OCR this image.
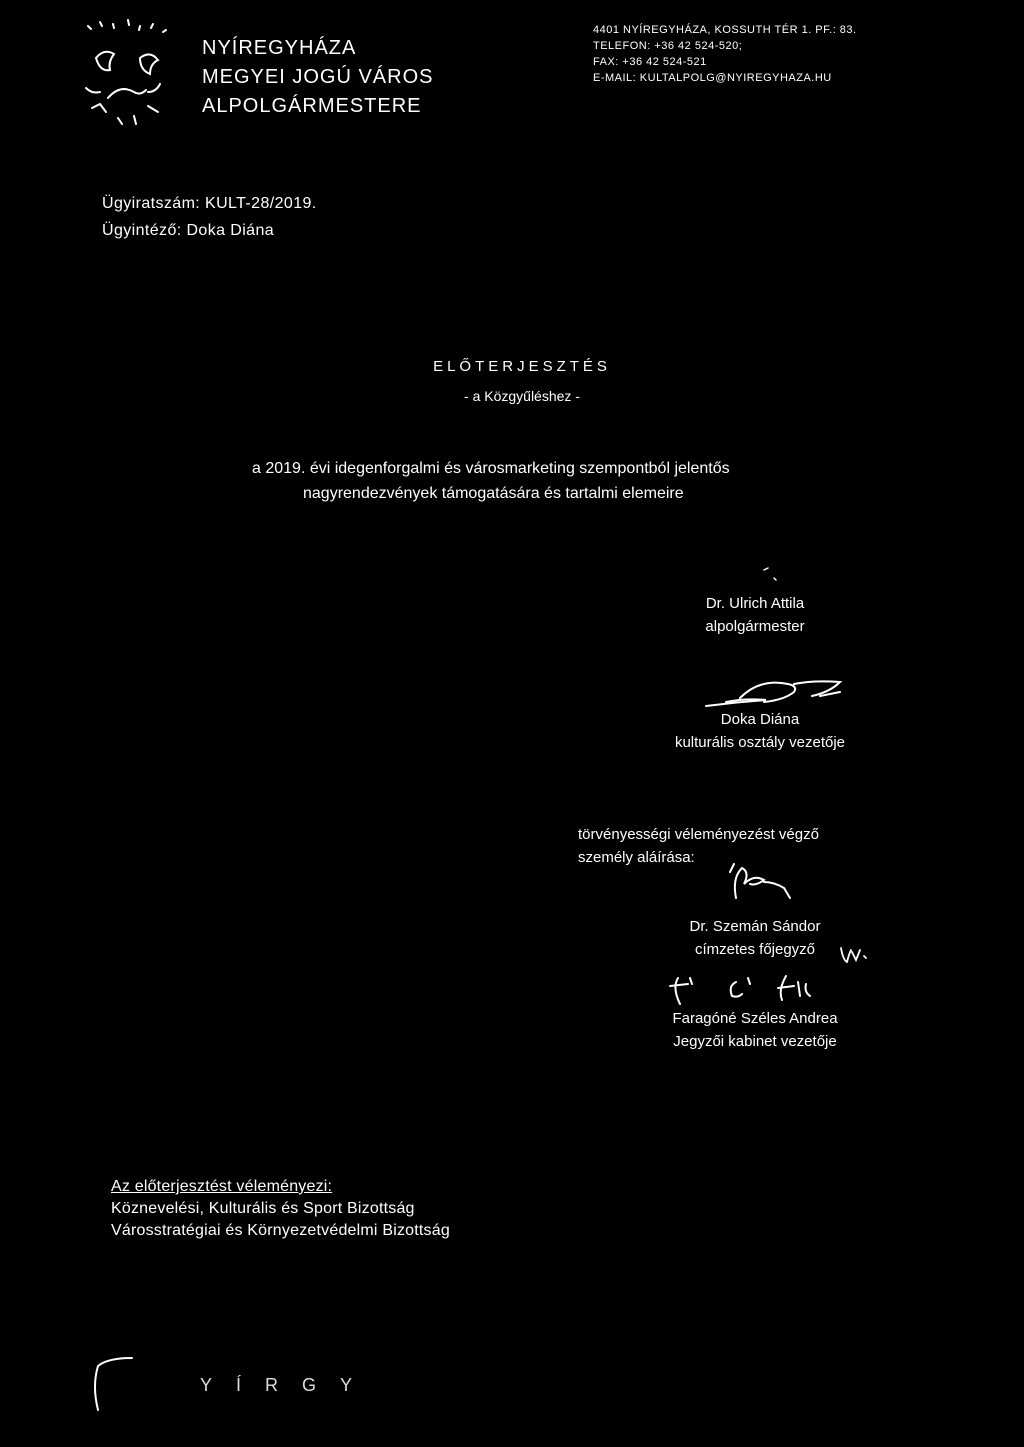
NYÍREGYHÁZA
MEGYEI JOGÚ VÁROS
ALPOLGÁRMESTERE
4401 NYÍREGYHÁZA, KOSSUTH TÉR 1. PF.: 83.
TELEFON: +36 42 524-520;
FAX: +36 42 524-521
E-MAIL: KULTALPOLG@NYIREGYHAZA.HU
Ügyiratszám: KULT-28/2019.
Ügyintéző: Doka Diána
ELŐTERJESZTÉS
- a Közgyűléshez -
a 2019. évi idegenforgalmi és városmarketing szempontból jelentős
nagyrendezvények támogatására és tartalmi elemeire
Dr. Ulrich Attila
alpolgármester
Doka Diána
kulturális osztály vezetője
törvényességi véleményezést végző
személy aláírása:
Dr. Szemán Sándor
címzetes főjegyző
Faragóné Széles Andrea
Jegyzői kabinet vezetője
Az előterjesztést véleményezi:
Köznevelési, Kulturális és Sport Bizottság
Városstratégiai és Környezetvédelmi Bizottság
YÍRGY
